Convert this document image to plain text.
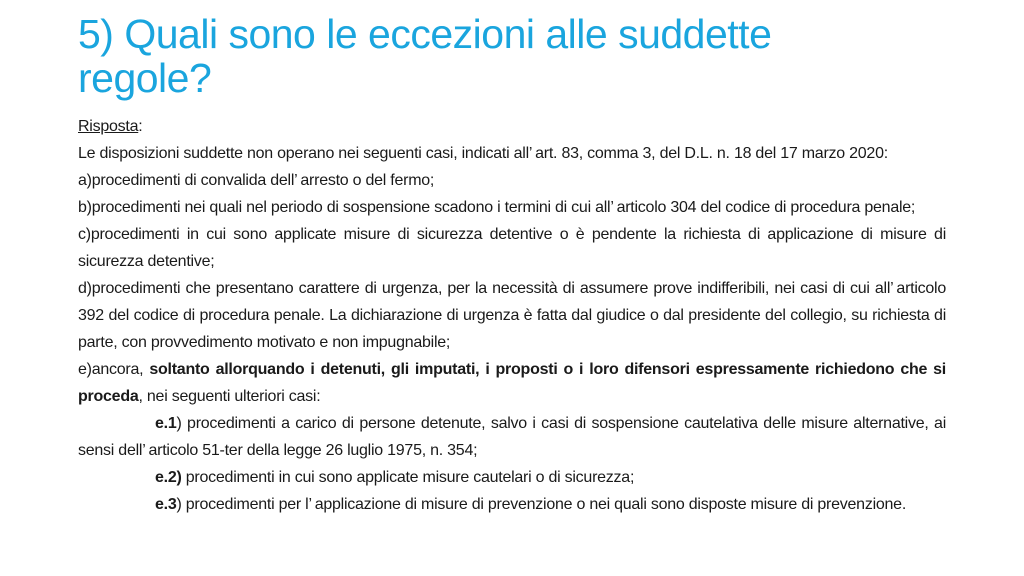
5) Quali sono le eccezioni alle suddette regole?

Risposta:

Le disposizioni suddette non operano nei seguenti casi, indicati all’ art. 83, comma 3, del D.L. n. 18 del 17 marzo 2020:

a)procedimenti di convalida dell’ arresto o del fermo;

b)procedimenti nei quali nel periodo di sospensione scadono i termini di cui all’ articolo 304 del codice di procedura penale;

c)procedimenti in cui sono applicate misure di sicurezza detentive o è pendente la richiesta di applicazione di misure di sicurezza detentive;

d)procedimenti che presentano carattere di urgenza, per la necessità di assumere prove indifferibili, nei casi di cui all’ articolo 392 del codice di procedura penale. La dichiarazione di urgenza è fatta dal giudice o dal presidente del collegio, su richiesta di parte, con provvedimento motivato e non impugnabile;

e)ancora, soltanto allorquando i detenuti, gli imputati, i proposti o i loro difensori espressamente richiedono che si proceda, nei seguenti ulteriori casi:

e.1) procedimenti a carico di persone detenute, salvo i casi di sospensione cautelativa delle misure alternative, ai sensi dell’ articolo 51-ter della legge 26 luglio 1975, n. 354;

e.2) procedimenti in cui sono applicate misure cautelari o di sicurezza;

e.3) procedimenti per l’ applicazione di misure di prevenzione o nei quali sono disposte misure di prevenzione.
